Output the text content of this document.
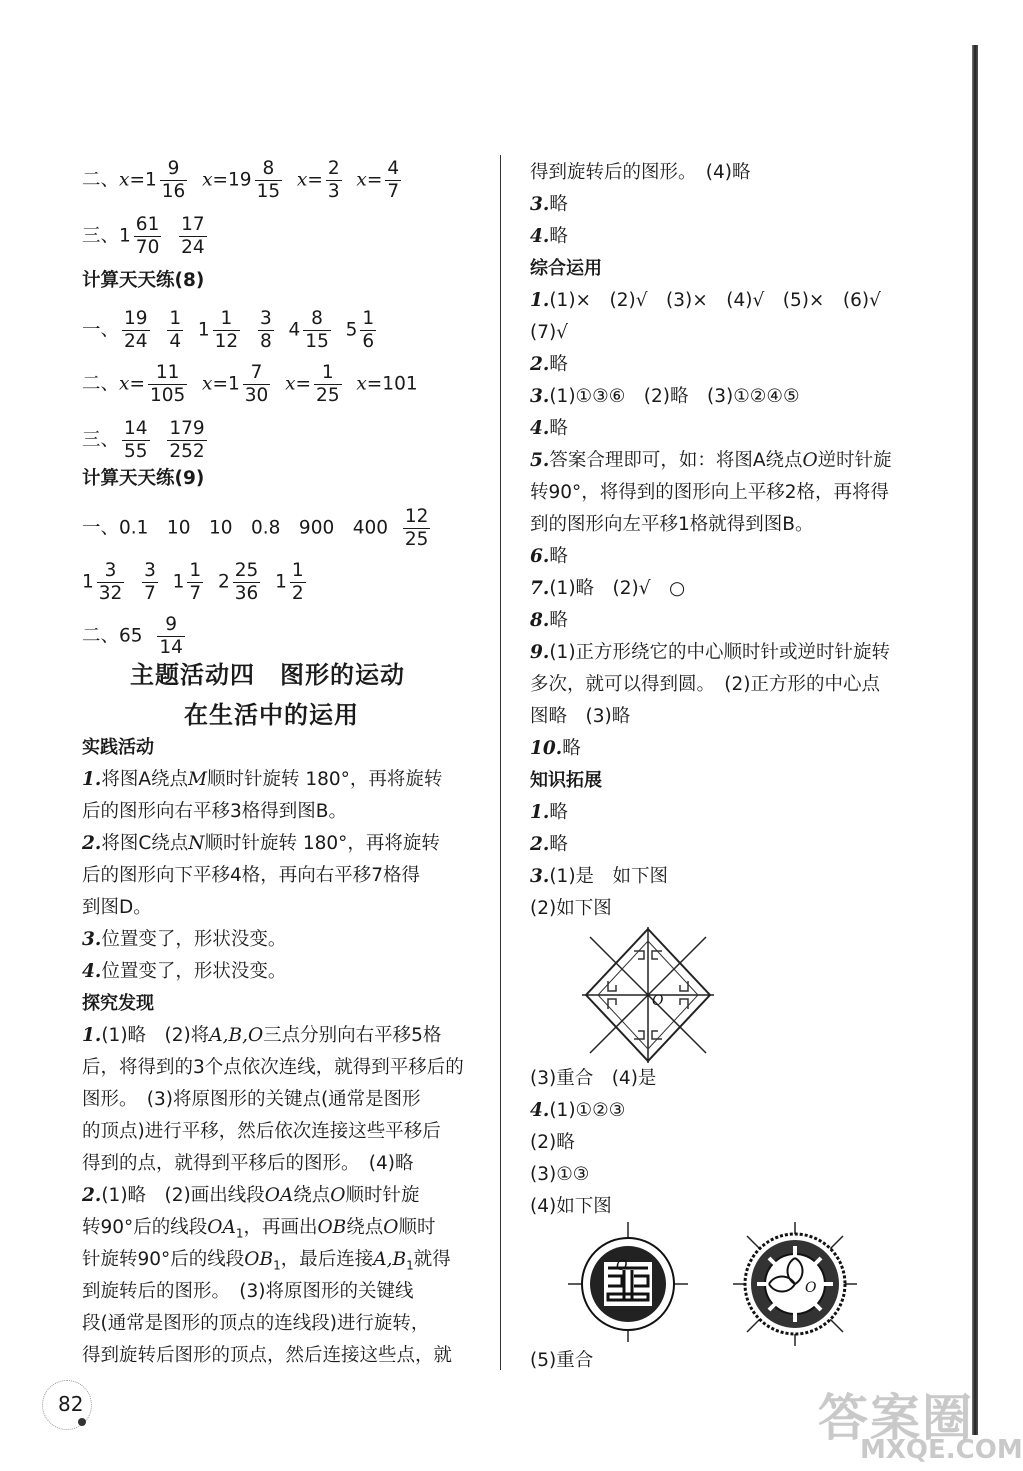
二、$x=1 \frac{9}{16} x=19 \frac{8}{15} x= \frac{2}{3} x= \frac{4}{7}$
三、$1 \frac{61}{70}$
$\frac{17}{24}$
计算天天练(8)
一、 $\frac{19}{24}$
$\frac{1}{4} 1 \frac{1}{12}$
$\frac{3}{8} 4 \frac{8}{15} 5 \frac{1}{6}$
二、$x= \frac{11}{105} x=1 \frac{7}{30} x= \frac{1}{25} x=101$
三、 $\frac{14}{55}$
$\frac{179}{252}$
计算天天练(9)
一、0.1　10　10　0.8　900　$400 \frac{12}{25}$
$1 \frac{3}{32}$
$\frac{3}{7} 1 \frac{1}{7} 2 \frac{25}{36} 1 \frac{1}{2}$
二、$65 \frac{9}{14}$
主题活动四　图形的运动
在生活中的运用
实践活动
1.将图A绕点M顺时针旋转 180°，再将旋转
后的图形向右平移3格得到图B。
2.将图C绕点N顺时针旋转 180°，再将旋转
后的图形向下平移4格，再向右平移7格得
到图D。
3.位置变了，形状没变。
4.位置变了，形状没变。
探究发现
1.(1)略　(2)将A,B,O三点分别向右平移5格
后，将得到的3个点依次连线，就得到平移后的
图形。　(3)将原图形的关键点(通常是图形
的顶点)进行平移，然后依次连接这些平移后
得到的点，就得到平移后的图形。　(4)略
2.(1)略　(2)画出线段OA绕点O顺时针旋
转90°后的线段$OA_1$，再画出OB绕点O顺时
针旋转90°后的线段$OB_1$，最后连接$A,B_1$就得
到旋转后的图形。　(3)将原图形的关键线
段(通常是图形的顶点的连线段)进行旋转，
得到旋转后图形的顶点，然后连接这些点，就
得到旋转后的图形。　(4)略
3.略
4.略
综合运用
1.(1)×　(2)√　(3)×　(4)√　(5)×　(6)√
(7)√
2.略
3.(1)①③⑥　(2)略　(3)①②④⑤
4.略
5.答案合理即可，如：将图A绕点O逆时针旋
转90°，将得到的图形向上平移2格，再将得
到的图形向左平移1格就得到图B。
6.略
7.(1)略　(2)√　○
8.略
9.(1)正方形绕它的中心顺时针或逆时针旋转
多次，就可以得到圆。　(2)正方形的中心点
图略　(3)略
10.略
知识拓展
1.略
2.略
3.(1)是　如下图
(2)如下图
O
(3)重合　(4)是
4.(1)①②③
(2)略
(3)①③
(4)如下图
O
O
(5)重合
82	答案圈
MXQE.COM
